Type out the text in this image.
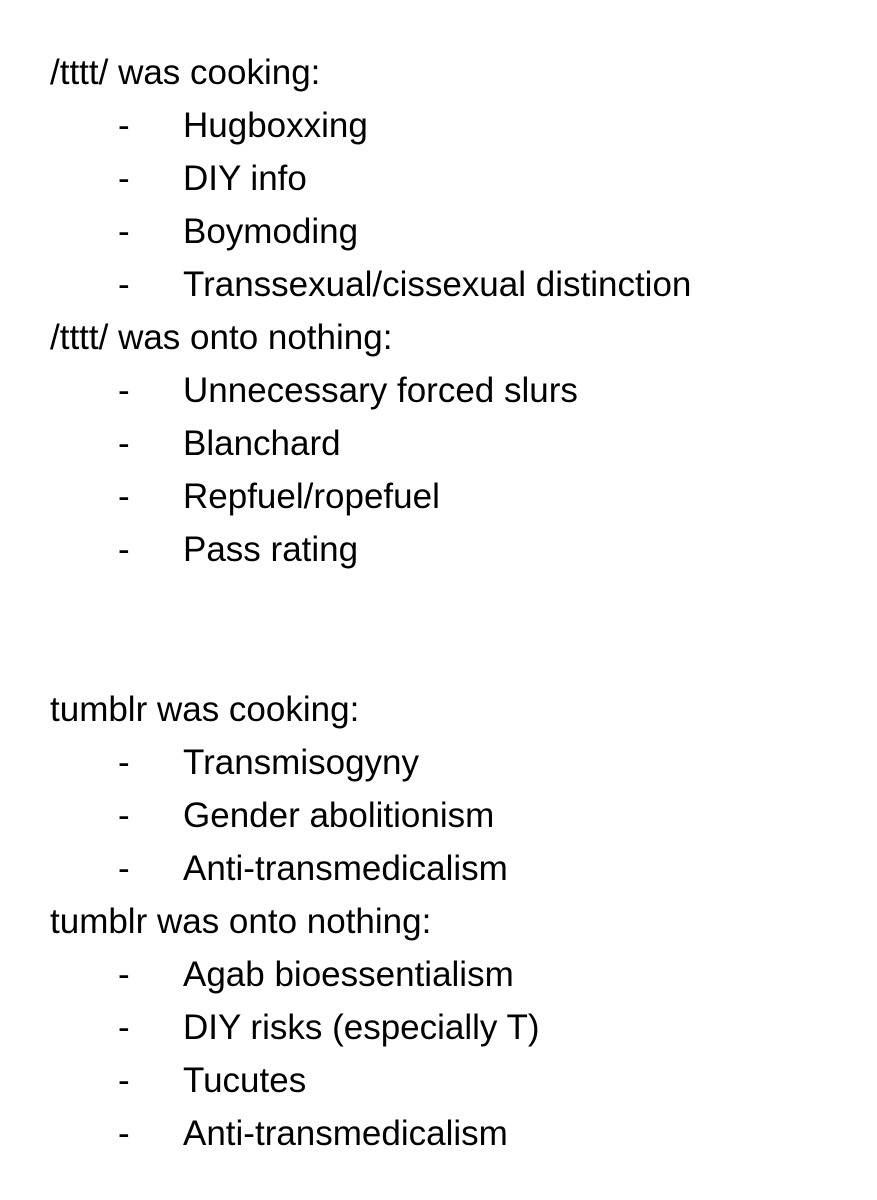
/tttt/ was cooking:
- Hugboxxing
- DIY info
- Boymoding
- Transsexual/cissexual distinction
/tttt/ was onto nothing:
- Unnecessary forced slurs
- Blanchard
- Repfuel/ropefuel
- Pass rating
tumblr was cooking:
- Transmisogyny
- Gender abolitionism
- Anti-transmedicalism
tumblr was onto nothing:
- Agab bioessentialism
- DIY risks (especially T)
- Tucutes
- Anti-transmedicalism
